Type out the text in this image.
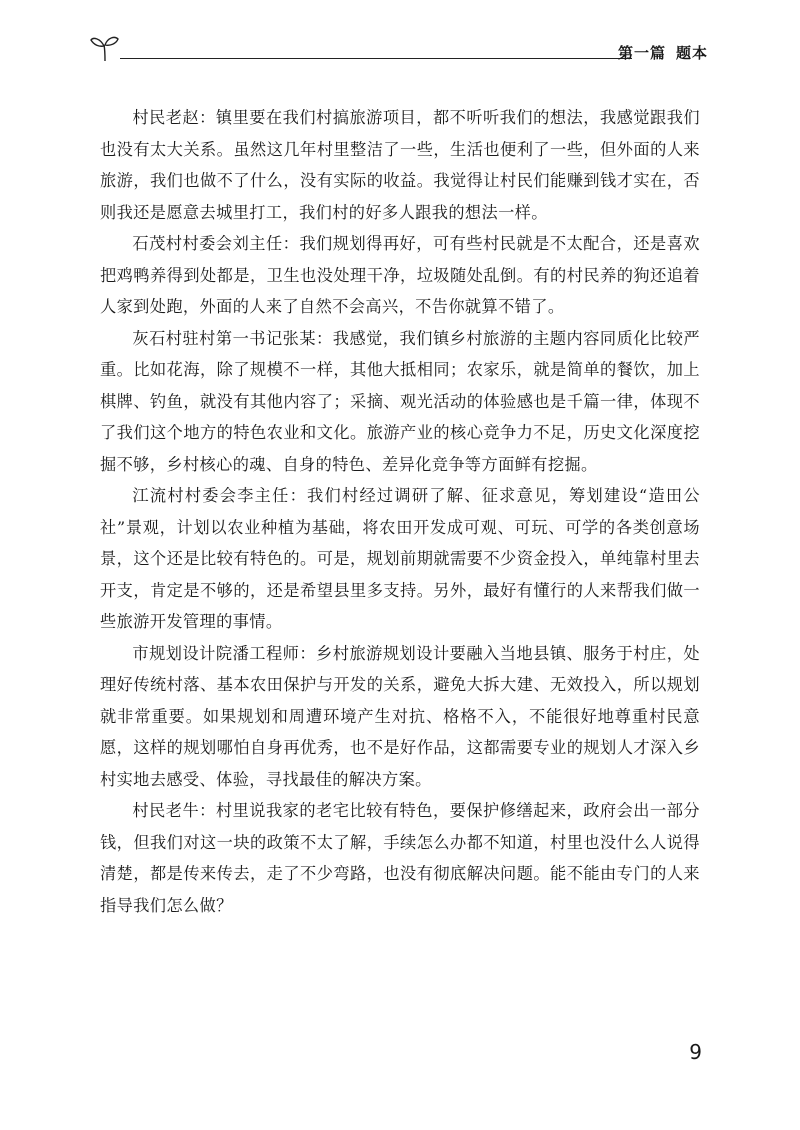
第一篇 题本

村民老赵：镇里要在我们村搞旅游项目，都不听听我们的想法，我感觉跟我们也没有太大关系。虽然这几年村里整洁了一些，生活也便利了一些，但外面的人来旅游，我们也做不了什么，没有实际的收益。我觉得让村民们能赚到钱才实在，否则我还是愿意去城里打工，我们村的好多人跟我的想法一样。

石茂村村委会刘主任：我们规划得再好，可有些村民就是不太配合，还是喜欢把鸡鸭养得到处都是，卫生也没处理干净，垃圾随处乱倒。有的村民养的狗还追着人家到处跑，外面的人来了自然不会高兴，不告你就算不错了。

灰石村驻村第一书记张某：我感觉，我们镇乡村旅游的主题内容同质化比较严重。比如花海，除了规模不一样，其他大抵相同；农家乐，就是简单的餐饮，加上棋牌、钓鱼，就没有其他内容了；采摘、观光活动的体验感也是千篇一律，体现不了我们这个地方的特色农业和文化。旅游产业的核心竞争力不足，历史文化深度挖掘不够，乡村核心的魂、自身的特色、差异化竞争等方面鲜有挖掘。

江流村村委会李主任：我们村经过调研了解、征求意见，筹划建设“造田公社”景观，计划以农业种植为基础，将农田开发成可观、可玩、可学的各类创意场景，这个还是比较有特色的。可是，规划前期就需要不少资金投入，单纯靠村里去开支，肯定是不够的，还是希望县里多支持。另外，最好有懂行的人来帮我们做一些旅游开发管理的事情。

市规划设计院潘工程师：乡村旅游规划设计要融入当地县镇、服务于村庄，处理好传统村落、基本农田保护与开发的关系，避免大拆大建、无效投入，所以规划就非常重要。如果规划和周遭环境产生对抗、格格不入，不能很好地尊重村民意愿，这样的规划哪怕自身再优秀，也不是好作品，这都需要专业的规划人才深入乡村实地去感受、体验，寻找最佳的解决方案。

村民老牛：村里说我家的老宅比较有特色，要保护修缮起来，政府会出一部分钱，但我们对这一块的政策不太了解，手续怎么办都不知道，村里也没什么人说得清楚，都是传来传去，走了不少弯路，也没有彻底解决问题。能不能由专门的人来指导我们怎么做？

9
